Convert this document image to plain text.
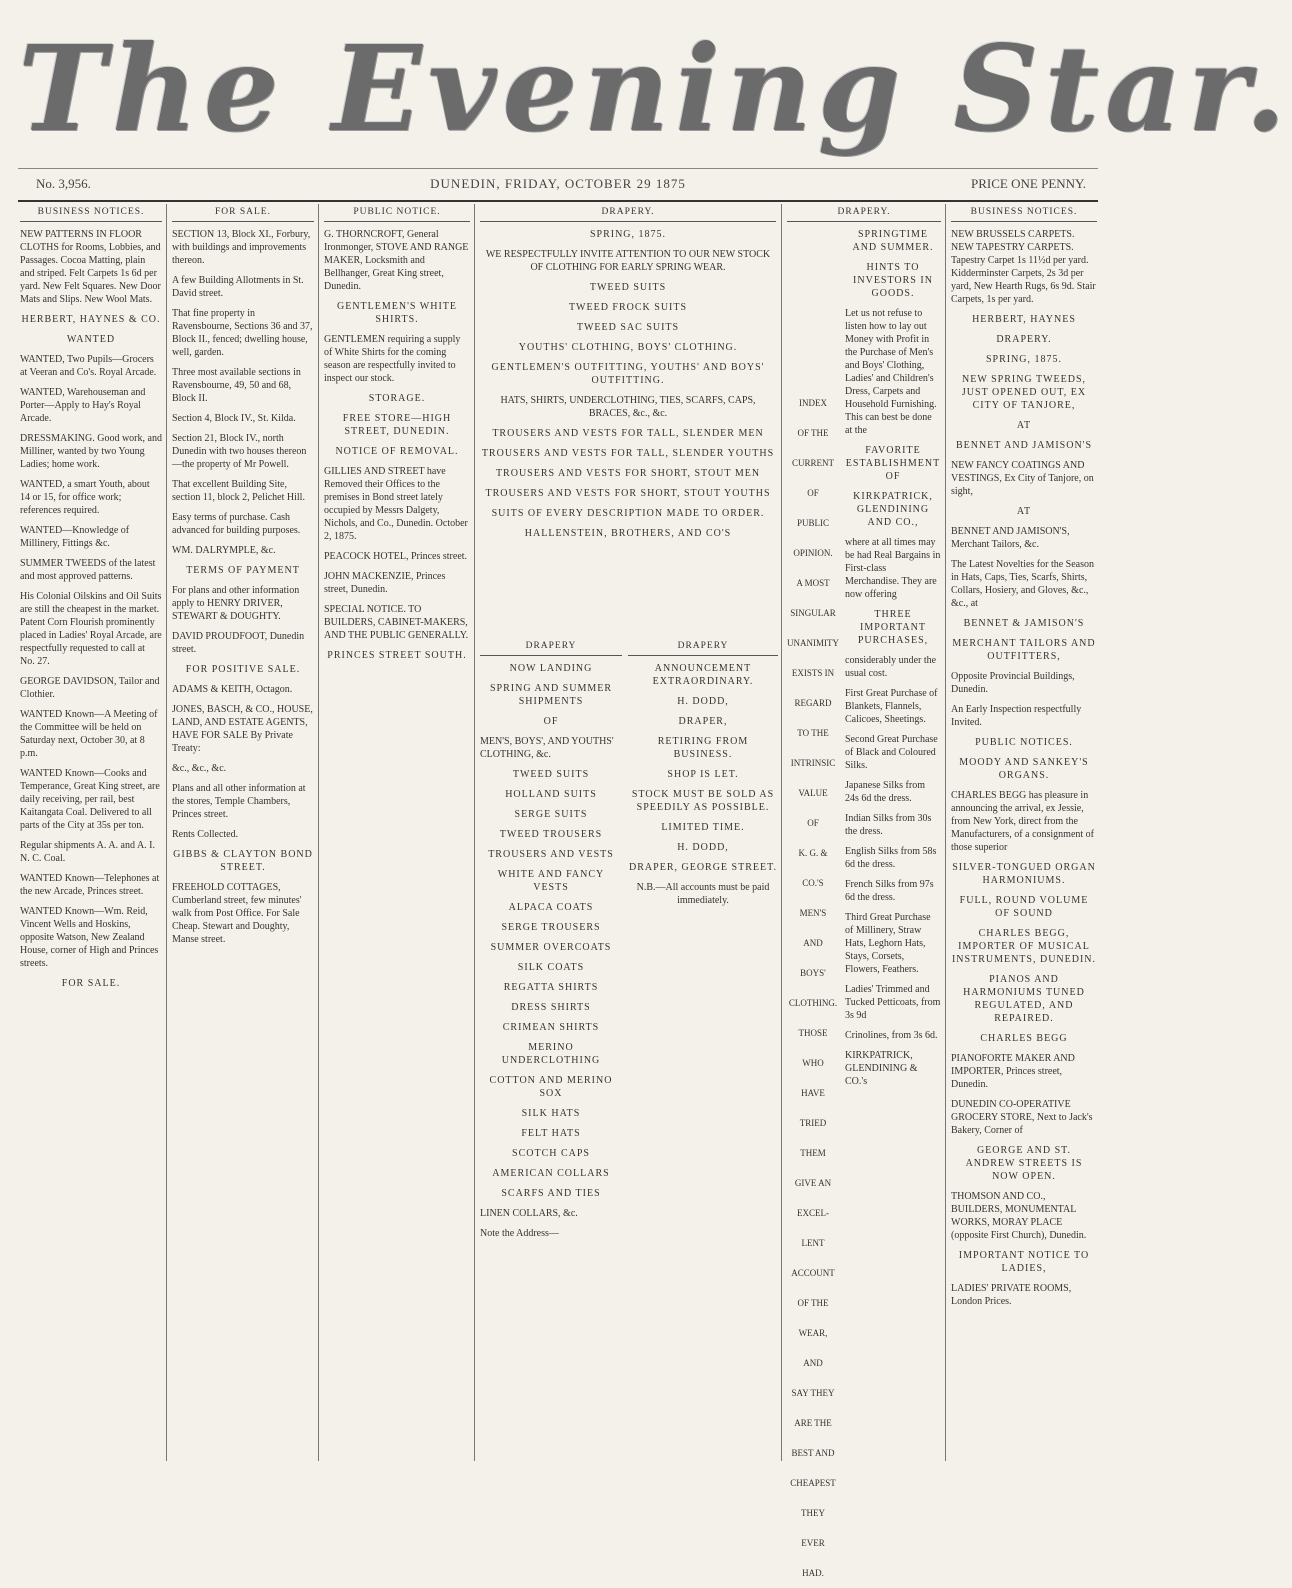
The Evening Star.
No. 3,956.	DUNEDIN, FRIDAY, OCTOBER 29 1875	PRICE ONE PENNY.
BUSINESS NOTICES.

NEW PATTERNS IN FLOOR CLOTHS for Rooms, Lobbies, and Passages. Cocoa Matting, plain and striped. Felt Carpets 1s 6d per yard. New Felt Squares. New Door Mats and Slips. New Wool Mats.

HERBERT, HAYNES & CO.

WANTED

WANTED, Two Pupils—Grocers at Veeran and Co's. Royal Arcade.

WANTED, Warehouseman and Porter—Apply to Hay's Royal Arcade.

DRESSMAKING. Good work, and Milliner, wanted by two Young Ladies; home work.

WANTED, a smart Youth, about 14 or 15, for office work; references required.

WANTED—Knowledge of Millinery, Fittings &c.

SUMMER TWEEDS of the latest and most approved patterns.

His Colonial Oilskins and Oil Suits are still the cheapest in the market. Patent Corn Flourish prominently placed in Ladies' Royal Arcade, are respectfully requested to call at No. 27.

GEORGE DAVIDSON, Tailor and Clothier.

WANTED Known—A Meeting of the Committee will be held on Saturday next, October 30, at 8 p.m.

WANTED Known—Cooks and Temperance, Great King street, are daily receiving, per rail, best Kaitangata Coal. Delivered to all parts of the City at 35s per ton.

Regular shipments A. A. and A. I. N. C. Coal.

WANTED Known—Telephones at the new Arcade, Princes street.

WANTED Known—Wm. Reid, Vincent Wells and Hoskins, opposite Watson, New Zealand House, corner of High and Princes streets.

FOR SALE.

FOR SALE.

SECTION 13, Block XI., Forbury, with buildings and improvements thereon.

A few Building Allotments in St. David street.

That fine property in Ravensbourne, Sections 36 and 37, Block II., fenced; dwelling house, well, garden.

Three most available sections in Ravensbourne, 49, 50 and 68, Block II.

Section 4, Block IV., St. Kilda.

Section 21, Block IV., north Dunedin with two houses thereon—the property of Mr Powell.

That excellent Building Site, section 11, block 2, Pelichet Hill.

Easy terms of purchase. Cash advanced for building purposes.

WM. DALRYMPLE, &c.

TERMS OF PAYMENT

For plans and other information apply to HENRY DRIVER, STEWART & DOUGHTY.

DAVID PROUDFOOT, Dunedin street.

FOR POSITIVE SALE.

ADAMS & KEITH, Octagon.

JONES, BASCH, & CO., HOUSE, LAND, AND ESTATE AGENTS, HAVE FOR SALE By Private Treaty:

&c., &c., &c.

Plans and all other information at the stores, Temple Chambers, Princes street.

Rents Collected.

GIBBS & CLAYTON BOND STREET.

FREEHOLD COTTAGES, Cumberland street, few minutes' walk from Post Office. For Sale Cheap. Stewart and Doughty, Manse street.

PUBLIC NOTICE.

G. THORNCROFT, General Ironmonger, STOVE AND RANGE MAKER, Locksmith and Bellhanger, Great King street, Dunedin.

GENTLEMEN'S WHITE SHIRTS.

GENTLEMEN requiring a supply of White Shirts for the coming season are respectfully invited to inspect our stock.

STORAGE.

FREE STORE—HIGH STREET, DUNEDIN.

NOTICE OF REMOVAL.

GILLIES AND STREET have Removed their Offices to the premises in Bond street lately occupied by Messrs Dalgety, Nichols, and Co., Dunedin. October 2, 1875.

PEACOCK HOTEL, Princes street.

JOHN MACKENZIE, Princes street, Dunedin.

SPECIAL NOTICE. TO BUILDERS, CABINET-MAKERS, AND THE PUBLIC GENERALLY.

PRINCES STREET SOUTH.

DRAPERY.

SPRING, 1875.

WE RESPECTFULLY INVITE ATTENTION TO OUR NEW STOCK OF CLOTHING FOR EARLY SPRING WEAR.

TWEED SUITS

TWEED FROCK SUITS

TWEED SAC SUITS

YOUTHS' CLOTHING, BOYS' CLOTHING.

GENTLEMEN'S OUTFITTING, YOUTHS' AND BOYS' OUTFITTING.

HATS, SHIRTS, UNDERCLOTHING, TIES, SCARFS, CAPS, BRACES, &c., &c.

TROUSERS AND VESTS FOR TALL, SLENDER MEN

TROUSERS AND VESTS FOR TALL, SLENDER YOUTHS

TROUSERS AND VESTS FOR SHORT, STOUT MEN

TROUSERS AND VESTS FOR SHORT, STOUT YOUTHS

SUITS OF EVERY DESCRIPTION MADE TO ORDER.

HALLENSTEIN, BROTHERS, AND CO'S

DRAPERY

NOW LANDING

SPRING AND SUMMER SHIPMENTS

OF

MEN'S, BOYS', AND YOUTHS' CLOTHING, &c.

TWEED SUITS

HOLLAND SUITS

SERGE SUITS

TWEED TROUSERS

TROUSERS AND VESTS

WHITE AND FANCY VESTS

ALPACA COATS

SERGE TROUSERS

SUMMER OVERCOATS

SILK COATS

REGATTA SHIRTS

DRESS SHIRTS

CRIMEAN SHIRTS

MERINO UNDERCLOTHING

COTTON AND MERINO SOX

SILK HATS

FELT HATS

SCOTCH CAPS

AMERICAN COLLARS

SCARFS AND TIES

LINEN COLLARS, &c.

Note the Address—

DRAPERY

ANNOUNCEMENT EXTRAORDINARY.

H. DODD,

DRAPER,

RETIRING FROM BUSINESS.

SHOP IS LET.

STOCK MUST BE SOLD AS SPEEDILY AS POSSIBLE.

LIMITED TIME.

H. DODD,

DRAPER, GEORGE STREET.

N.B.—All accounts must be paid immediately.

DRAPERY.
INDEX
OF THE
CURRENT
OF
PUBLIC
OPINION.
A MOST
SINGULAR
UNANIMITY
EXISTS IN
REGARD
TO THE
INTRINSIC
VALUE
OF
K. G. & CO.'S
MEN'S
AND
BOYS'
CLOTHING.
THOSE
WHO
HAVE
TRIED
THEM
GIVE AN
EXCEL-
LENT
ACCOUNT
OF THE
WEAR,
AND
SAY THEY
ARE THE
BEST AND
CHEAPEST
THEY
EVER
HAD.

SPRINGTIME AND SUMMER.

HINTS TO INVESTORS IN GOODS.

Let us not refuse to listen how to lay out Money with Profit in the Purchase of Men's and Boys' Clothing, Ladies' and Children's Dress, Carpets and Household Furnishing. This can best be done at the

FAVORITE ESTABLISHMENT OF

KIRKPATRICK, GLENDINING AND CO.,

where at all times may be had Real Bargains in First-class Merchandise. They are now offering

THREE IMPORTANT PURCHASES,

considerably under the usual cost.

First Great Purchase of Blankets, Flannels, Calicoes, Sheetings.

Second Great Purchase of Black and Coloured Silks.

Japanese Silks from 24s 6d the dress.

Indian Silks from 30s the dress.

English Silks from 58s 6d the dress.

French Silks from 97s 6d the dress.

Third Great Purchase of Millinery, Straw Hats, Leghorn Hats, Stays, Corsets, Flowers, Feathers.

Ladies' Trimmed and Tucked Petticoats, from 3s 9d

Crinolines, from 3s 6d.

KIRKPATRICK, GLENDINING & CO.'s

BUSINESS NOTICES.

NEW BRUSSELS CARPETS. NEW TAPESTRY CARPETS. Tapestry Carpet 1s 11½d per yard. Kidderminster Carpets, 2s 3d per yard, New Hearth Rugs, 6s 9d. Stair Carpets, 1s per yard.

HERBERT, HAYNES

DRAPERY.

SPRING, 1875.

NEW SPRING TWEEDS, JUST OPENED OUT, EX CITY OF TANJORE,

AT

BENNET AND JAMISON'S

NEW FANCY COATINGS AND VESTINGS, Ex City of Tanjore, on sight,

AT

BENNET AND JAMISON'S, Merchant Tailors, &c.

The Latest Novelties for the Season in Hats, Caps, Ties, Scarfs, Shirts, Collars, Hosiery, and Gloves, &c., &c., at

BENNET & JAMISON'S

MERCHANT TAILORS AND OUTFITTERS,

Opposite Provincial Buildings, Dunedin.

An Early Inspection respectfully Invited.

PUBLIC NOTICES.

MOODY AND SANKEY'S ORGANS.

CHARLES BEGG has pleasure in announcing the arrival, ex Jessie, from New York, direct from the Manufacturers, of a consignment of those superior

SILVER-TONGUED ORGAN HARMONIUMS.

FULL, ROUND VOLUME OF SOUND

CHARLES BEGG, IMPORTER OF MUSICAL INSTRUMENTS, DUNEDIN.

PIANOS AND HARMONIUMS TUNED REGULATED, AND REPAIRED.

CHARLES BEGG

PIANOFORTE MAKER AND IMPORTER, Princes street, Dunedin.

DUNEDIN CO-OPERATIVE GROCERY STORE, Next to Jack's Bakery, Corner of

GEORGE AND ST. ANDREW STREETS IS NOW OPEN.

THOMSON AND CO., BUILDERS, MONUMENTAL WORKS, MORAY PLACE (opposite First Church), Dunedin.

IMPORTANT NOTICE TO LADIES,

LADIES' PRIVATE ROOMS, London Prices.
